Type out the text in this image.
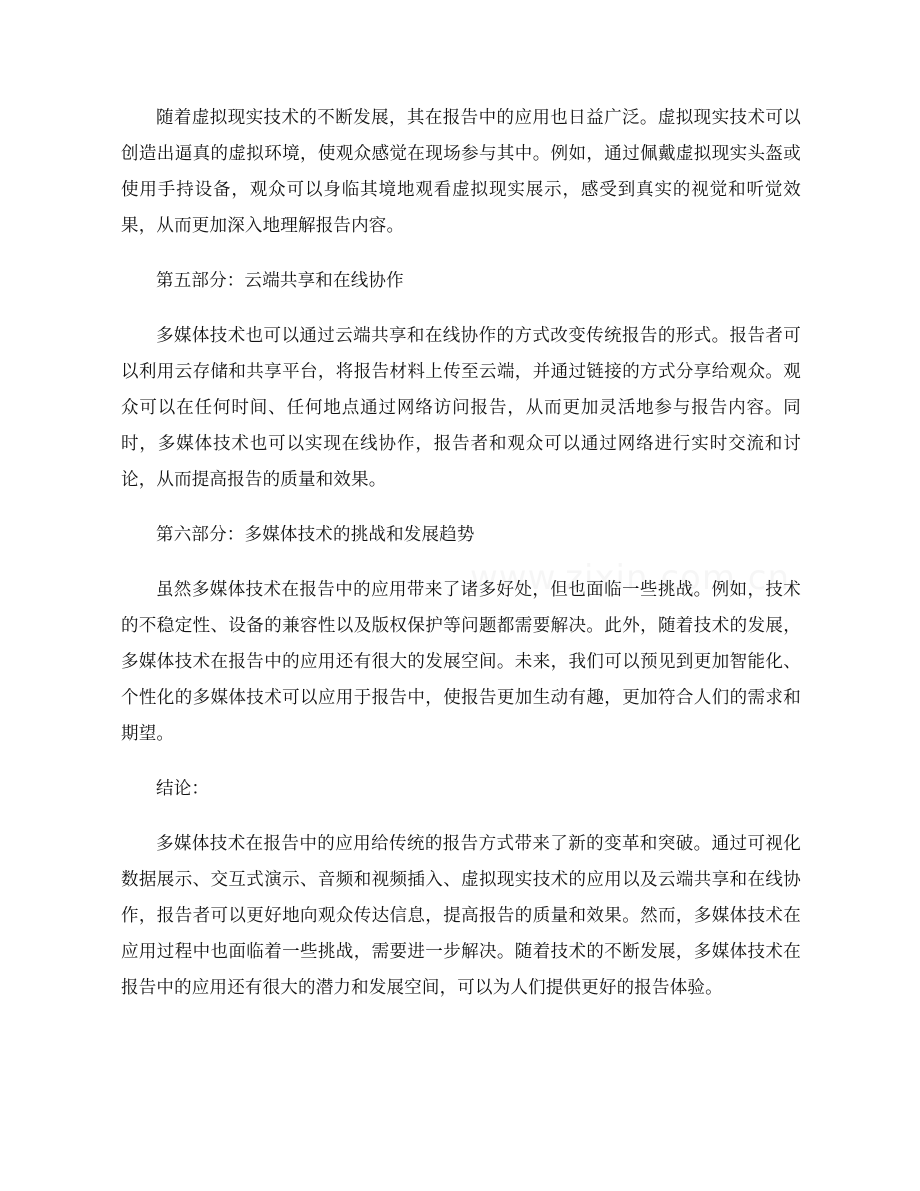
随着虚拟现实技术的不断发展，其在报告中的应用也日益广泛。虚拟现实技术可以创造出逼真的虚拟环境，使观众感觉在现场参与其中。例如，通过佩戴虚拟现实头盔或使用手持设备，观众可以身临其境地观看虚拟现实展示，感受到真实的视觉和听觉效果，从而更加深入地理解报告内容。

第五部分：云端共享和在线协作

多媒体技术也可以通过云端共享和在线协作的方式改变传统报告的形式。报告者可以利用云存储和共享平台，将报告材料上传至云端，并通过链接的方式分享给观众。观众可以在任何时间、任何地点通过网络访问报告，从而更加灵活地参与报告内容。同时，多媒体技术也可以实现在线协作，报告者和观众可以通过网络进行实时交流和讨论，从而提高报告的质量和效果。

第六部分：多媒体技术的挑战和发展趋势

虽然多媒体技术在报告中的应用带来了诸多好处，但也面临一些挑战。例如，技术的不稳定性、设备的兼容性以及版权保护等问题都需要解决。此外，随着技术的发展，多媒体技术在报告中的应用还有很大的发展空间。未来，我们可以预见到更加智能化、个性化的多媒体技术可以应用于报告中，使报告更加生动有趣，更加符合人们的需求和期望。

结论：

多媒体技术在报告中的应用给传统的报告方式带来了新的变革和突破。通过可视化数据展示、交互式演示、音频和视频插入、虚拟现实技术的应用以及云端共享和在线协作，报告者可以更好地向观众传达信息，提高报告的质量和效果。然而，多媒体技术在应用过程中也面临着一些挑战，需要进一步解决。随着技术的不断发展，多媒体技术在报告中的应用还有很大的潜力和发展空间，可以为人们提供更好的报告体验。
